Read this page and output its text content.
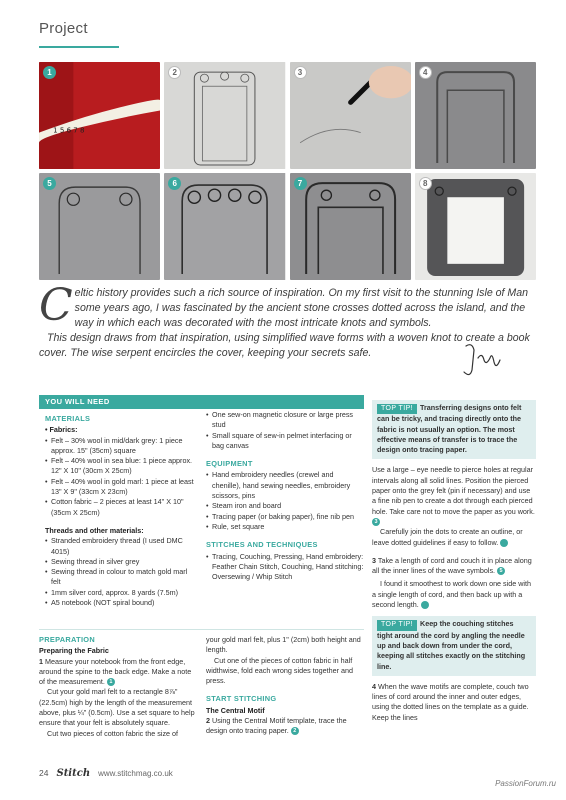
Project
1 5 6 7 8
1	2	3	4
5	6	7	8

Celtic history provides such a rich source of inspiration. On my first visit to the stunning Isle of Man some years ago, I was fascinated by the ancient stone crosses dotted across the island, and the way in which each was decorated with the most intricate knots and symbols.

This design draws from that inspiration, using simplified wave forms with a woven knot to create a book cover. The wise serpent encircles the cover, keeping your secrets safe.

YOU WILL NEED
MATERIALS
• Fabrics:
• Felt – 30% wool in mid/dark grey: 1 piece approx. 15" (35cm) square
• Felt – 40% wool in sea blue: 1 piece approx. 12" X 10" (30cm X 25cm)
• Felt – 40% wool in gold marl: 1 piece at least 13" X 9" (33cm X 23cm)
• Cotton fabric – 2 pieces at least 14" X 10" (35cm X 25cm)
Threads and other materials:
• Stranded embroidery thread (I used DMC 4015)
• Sewing thread in silver grey
• Sewing thread in colour to match gold marl felt
• 1mm silver cord, approx. 8 yards (7.5m)
• A5 notebook (NOT spiral bound)
• One sew-on magnetic closure or large press stud
• Small square of sew-in pelmet interfacing or bag canvas
EQUIPMENT
• Hand embroidery needles (crewel and chenille), hand sewing needles, embroidery scissors, pins
• Steam iron and board
• Tracing paper (or baking paper), fine nib pen
• Rule, set square
STITCHES AND TECHNIQUES
• Tracing, Couching, Pressing, Hand embroidery: Feather Chain Stitch, Couching, Hand stitching: Oversewing / Whip Stitch
TOP TIP! Transferring designs onto felt can be tricky, and tracing directly onto the fabric is not usually an option. The most effective means of transfer is to trace the design onto tracing paper.

Use a large – eye needle to pierce holes at regular intervals along all solid lines. Position the pierced paper onto the grey felt (pin if necessary) and use a fine nib pen to create a dot through each pierced hole. Take care not to move the paper as you work. 3

Carefully join the dots to create an outline, or leave dotted guidelines if easy to follow. 4

3 Take a length of cord and couch it in place along all the inner lines of the wave symbols. 5

I found it smoothest to work down one side with a single length of cord, and then back up with a second length. 6

TOP TIP! Keep the couching stitches tight around the cord by angling the needle up and back down from under the cord, keeping all stitches exactly on the stitching line.

4 When the wave motifs are complete, couch two lines of cord around the inner and outer edges, using the dotted lines on the template as a guide. Keep the lines

PREPARATION
Preparing the Fabric

1 Measure your notebook from the front edge, around the spine to the back edge. Make a note of the measurement. 1

Cut your gold marl felt to a rectangle 8⅞" (22.5cm) high by the length of the measurement above, plus ¼" (0.5cm). Use a set square to help ensure that your felt is absolutely square.

Cut two pieces of cotton fabric the size of

your gold marl felt, plus 1" (2cm) both height and length.

Cut one of the pieces of cotton fabric in half widthwise, fold each wrong sides together and press.

START STITCHING
The Central Motif

2 Using the Central Motif template, trace the design onto tracing paper. 2

24 Stitch www.stitchmag.co.uk
PassionForum.ru
